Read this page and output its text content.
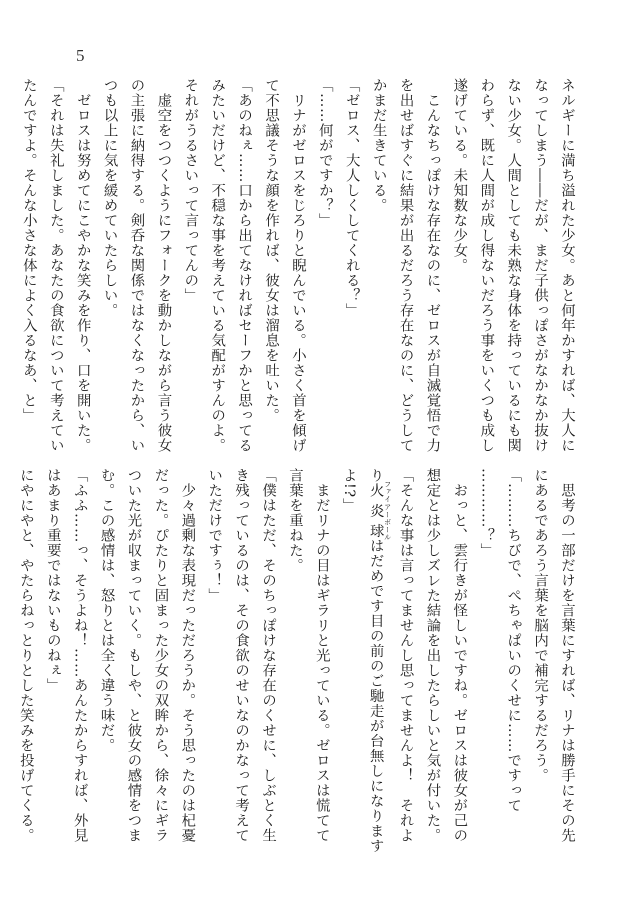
5
ネルギーに満ち溢れた少女。あと何年かすれば、大人に
なってしまう――だが、まだ子供っぽさがなかなか抜け
ない少女。人間としても未熟な身体を持っているにも関
わらず、既に人間が成し得ないだろう事をいくつも成し
遂げている。未知数な少女。
　こんなちっぽけな存在なのに、ゼロスが自滅覚悟で力
を出せばすぐに結果が出るだろう存在なのに、どうして
かまだ生きている。
「ゼロス、大人しくしてくれる？」
「……何がですか？」
　リナがゼロスをじろりと睨んでいる。小さく首を傾げ
て不思議そうな顔を作れば、彼女は溜息を吐いた。
「あのねぇ……口から出てなければセーフかと思ってる
みたいだけど、不穏な事を考えている気配がすんのよ。
それがうるさいって言ってんの」
　虚空をつつくようにフォークを動かしながら言う彼女
の主張に納得する。剣呑な関係ではなくなったから、い
つも以上に気を緩めていたらしい。
　ゼロスは努めてにこやかな笑みを作り、口を開いた。
「それは失礼しました。あなたの食欲について考えてい
たんですよ。そんな小さな体によく入るなあ、と」
　思考の一部だけを言葉にすれば、リナは勝手にその先
にあるであろう言葉を脳内で補完するだろう。
「………ちびで、ぺちゃぱいのくせに……ですって
…………？」
　おっと、雲行きが怪しいですね。ゼロスは彼女が己の
想定とは少しズレた結論を出したらしいと気が付いた。
「そんな事は言ってませんし思ってませんよ！　それよ
り火炎球 ファイアーボールはだめです目の前のご馳走が台無しになります
よ!?」
　まだリナの目はギラリと光っている。ゼロスは慌てて
言葉を重ねた。
「僕はただ、そのちっぽけな存在のくせに、しぶとく生
き残っているのは、その食欲のせいなのかなって考えて
いただけですぅ！」
　少々過剰な表現だっただろうか。そう思ったのは杞憂
だった。ぴたりと固まった少女の双眸から、徐々にギラ
ついた光が収まっていく。もしや、と彼女の感情をつま
む。この感情は、怒りとは全く違う味だ。
「ふふ……っ、そうよね！……あんたからすれば、外見
はあまり重要ではないものねぇ」
にやにやと、やたらねっとりとした笑みを投げてくる。
